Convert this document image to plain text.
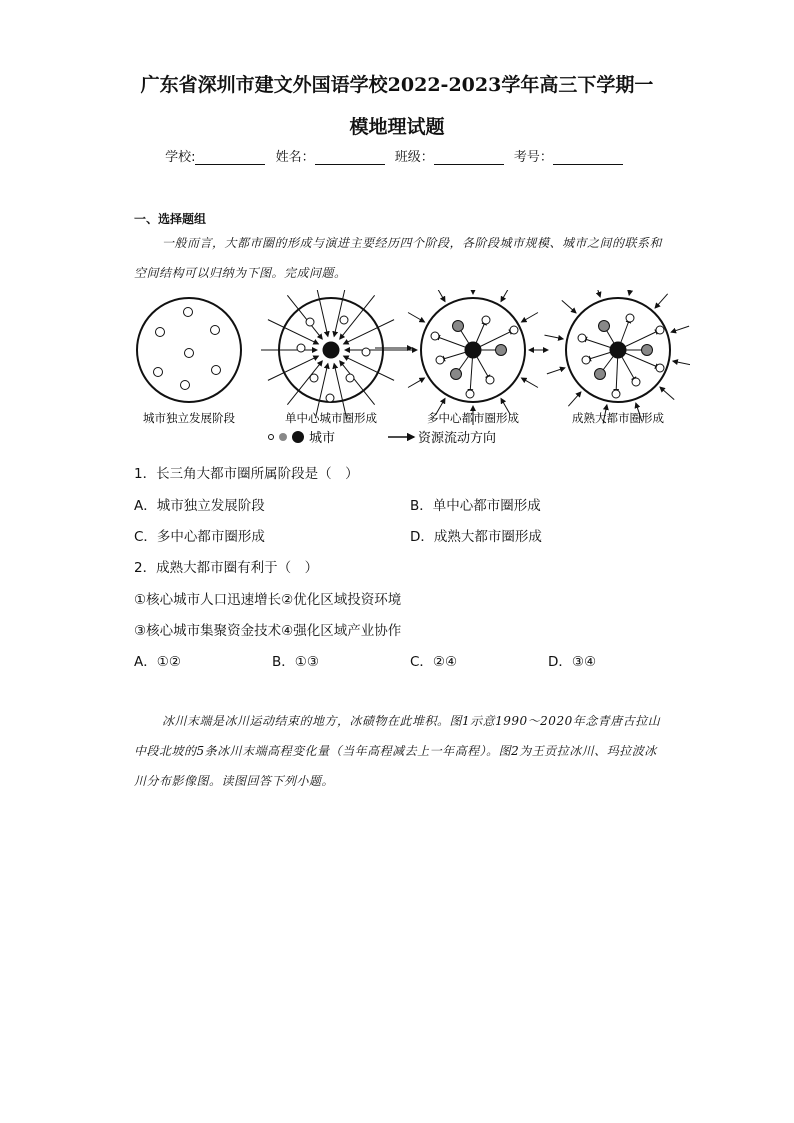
广东省深圳市建文外国语学校2022-2023学年高三下学期一
模地理试题
学校:	姓名：	班级：	考号：
一、选择题组
一般而言，大都市圈的形成与演进主要经历四个阶段，各阶段城市规模、城市之间的联系和空间结构可以归纳为下图。完成问题。
城市独立发展阶段	单中心城市圈形成	多中心都市圈形成	成熟大都市圈形成
城市	资源流动方向
1．长三角大都市圈所属阶段是（　）
A．城市独立发展阶段	B．单中心都市圈形成
C．多中心都市圈形成	D．成熟大都市圈形成
2．成熟大都市圈有利于（　）
①核心城市人口迅速增长②优化区域投资环境
③核心城市集聚资金技术④强化区域产业协作
A．①②	B．①③	C．②④	D．③④
冰川末端是冰川运动结束的地方，冰碛物在此堆积。图1示意1990～2020年念青唐古拉山中段北坡的5条冰川末端高程变化量（当年高程减去上一年高程）。图2为王贡拉冰川、玛拉波冰川分布影像图。读图回答下列小题。
